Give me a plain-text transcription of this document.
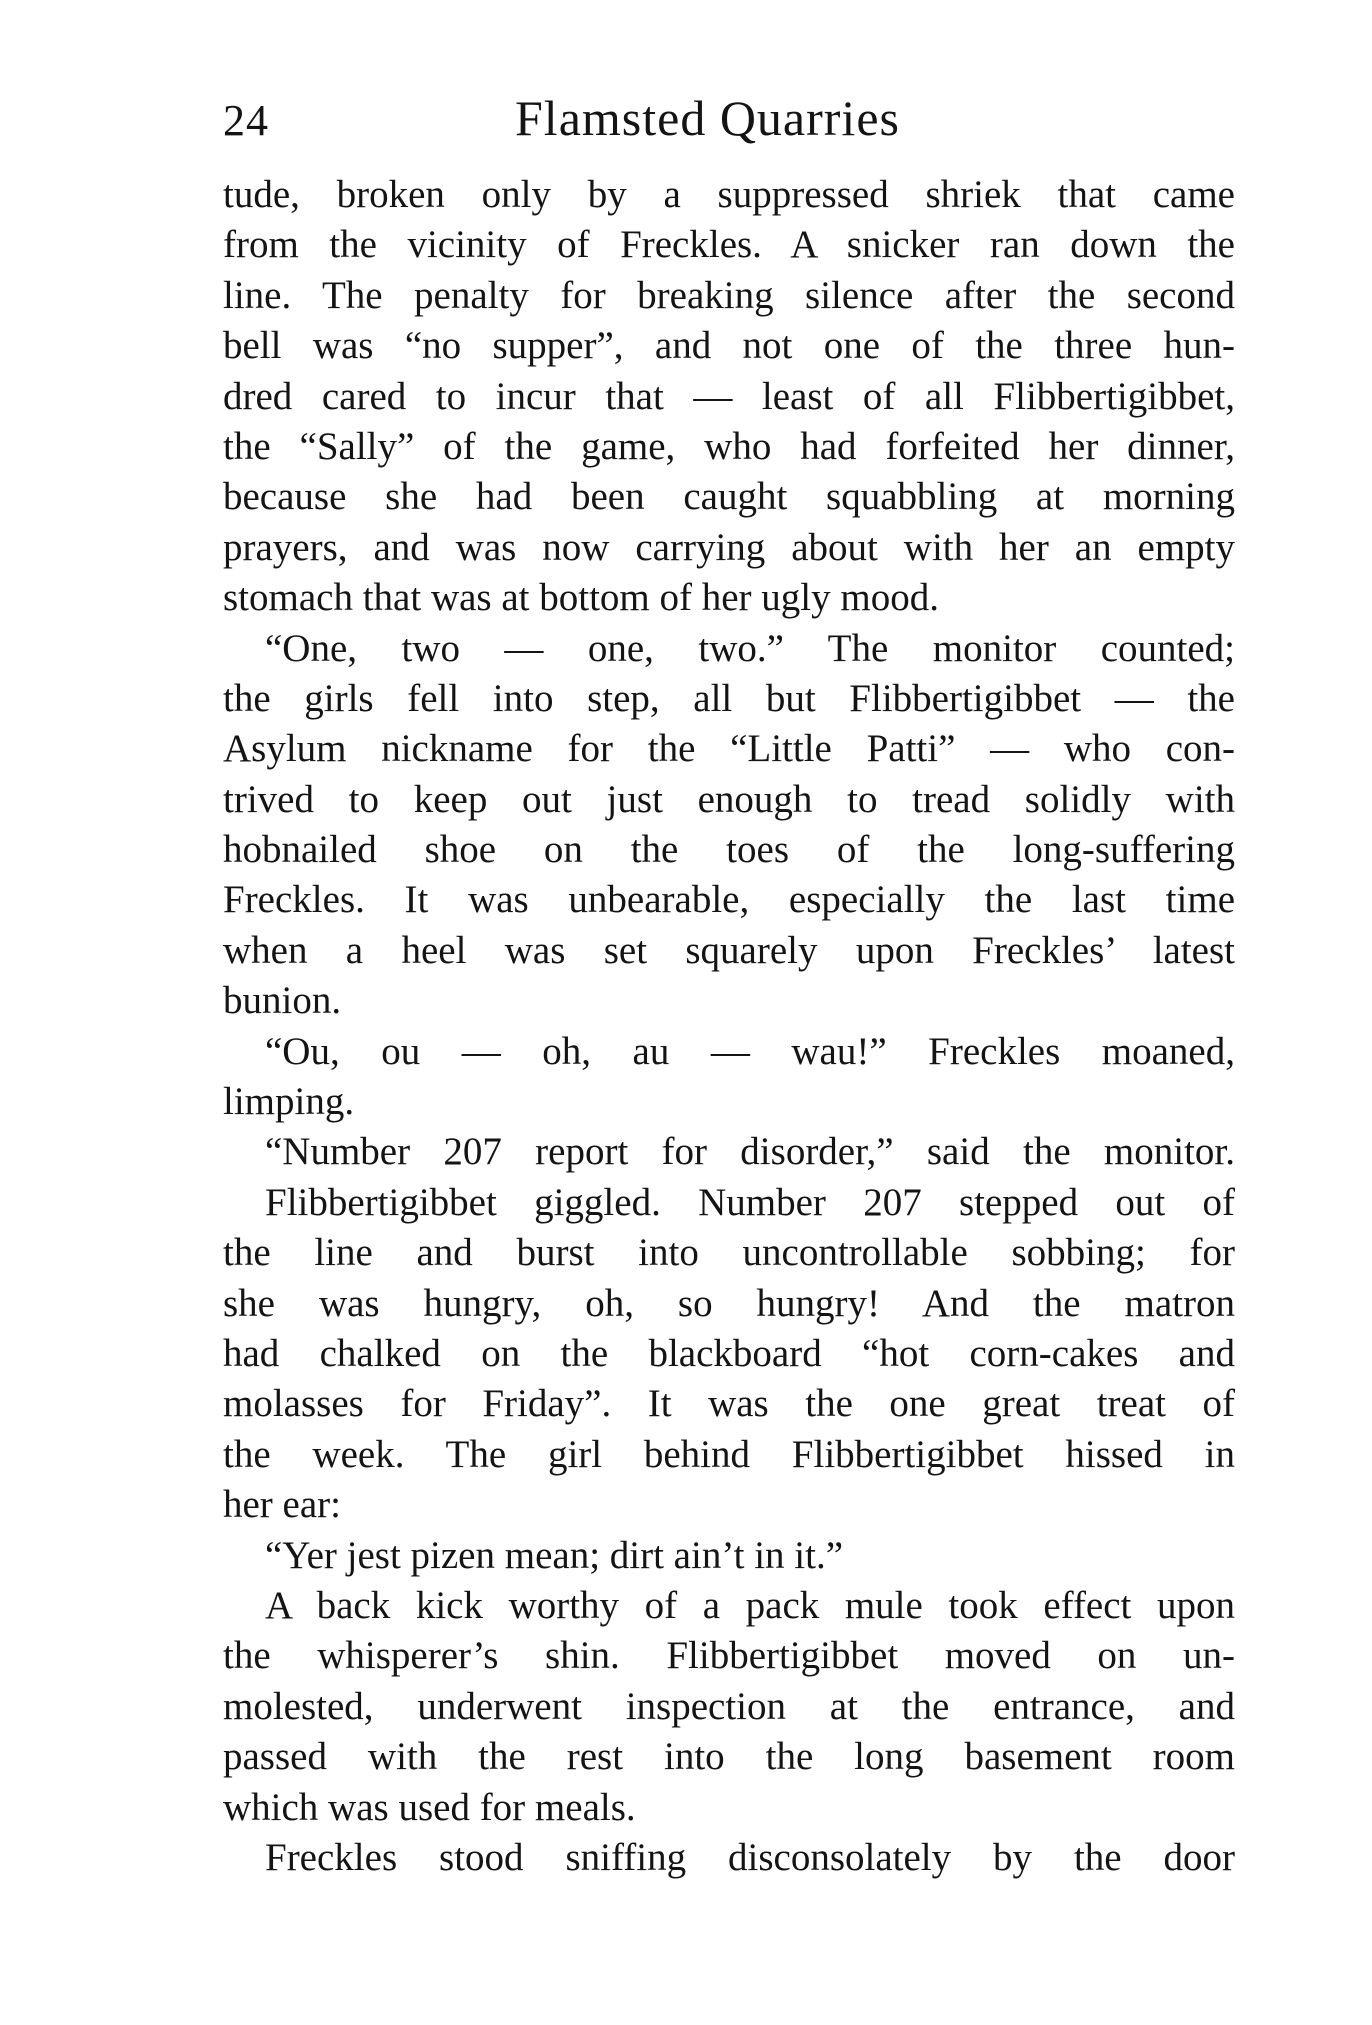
24	Flamsted Quarries
tude, broken only by a suppressed shriek that came
from the vicinity of Freckles. A snicker ran down the
line. The penalty for breaking silence after the second
bell was “no supper”, and not one of the three hun-
dred cared to incur that — least of all Flibbertigibbet,
the “Sally” of the game, who had forfeited her dinner,
because she had been caught squabbling at morning
prayers, and was now carrying about with her an empty
stomach that was at bottom of her ugly mood.
“One, two — one, two.” The monitor counted;
the girls fell into step, all but Flibbertigibbet — the
Asylum nickname for the “Little Patti” — who con-
trived to keep out just enough to tread solidly with
hobnailed shoe on the toes of the long-suffering
Freckles. It was unbearable, especially the last time
when a heel was set squarely upon Freckles’ latest
bunion.
“Ou, ou — oh, au — wau!” Freckles moaned,
limping.
“Number 207 report for disorder,” said the monitor.
Flibbertigibbet giggled. Number 207 stepped out of
the line and burst into uncontrollable sobbing; for
she was hungry, oh, so hungry! And the matron
had chalked on the blackboard “hot corn-cakes and
molasses for Friday”. It was the one great treat of
the week. The girl behind Flibbertigibbet hissed in
her ear:
“Yer jest pizen mean; dirt ain’t in it.”
A back kick worthy of a pack mule took effect upon
the whisperer’s shin. Flibbertigibbet moved on un-
molested, underwent inspection at the entrance, and
passed with the rest into the long basement room
which was used for meals.
Freckles stood sniffing disconsolately by the door
